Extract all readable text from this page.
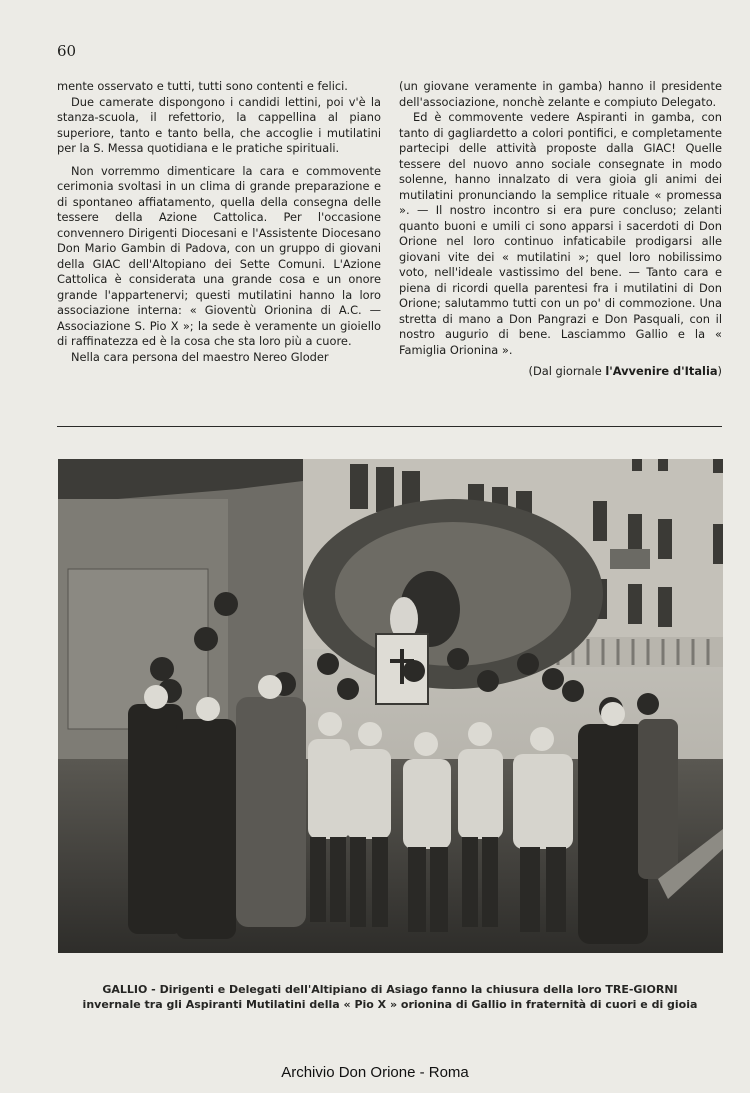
60

mente osservato e tutti, tutti sono contenti e felici.

Due camerate dispongono i candidi lettini, poi v'è la stanza-scuola, il refettorio, la cappellina al piano superiore, tanto e tanto bella, che accoglie i mutilatini per la S. Messa quotidiana e le pratiche spirituali.

Non vorremmo dimenticare la cara e commovente cerimonia svoltasi in un clima di grande preparazione e di spontaneo affiatamento, quella della consegna delle tessere della Azione Cattolica. Per l'occasione convennero Dirigenti Diocesani e l'Assistente Diocesano Don Mario Gambin di Padova, con un gruppo di giovani della GIAC dell'Altopiano dei Sette Comuni. L'Azione Cattolica è considerata una grande cosa e un onore grande l'appartenervi; questi mutilatini hanno la loro associazione interna: « Gioventù Orionina di A.C. — Associazione S. Pio X »; la sede è veramente un gioiello di raffinatezza ed è la cosa che sta loro più a cuore.

Nella cara persona del maestro Nereo Gloder

(un giovane veramente in gamba) hanno il presidente dell'associazione, nonchè zelante e compiuto Delegato.

Ed è commovente vedere Aspiranti in gamba, con tanto di gagliardetto a colori pontifici, e completamente partecipi delle attività proposte dalla GIAC! Quelle tessere del nuovo anno sociale consegnate in modo solenne, hanno innalzato di vera gioia gli animi dei mutilatini pronunciando la semplice rituale « promessa ». — Il nostro incontro si era pure concluso; zelanti quanto buoni e umili ci sono apparsi i sacerdoti di Don Orione nel loro continuo infaticabile prodigarsi alle giovani vite dei « mutilatini »; quel loro nobilissimo voto, nell'ideale vastissimo del bene. — Tanto cara e piena di ricordi quella parentesi fra i mutilatini di Don Orione; salutammo tutti con un po' di commozione. Una stretta di mano a Don Pangrazi e Don Pasquali, con il nostro augurio di bene. Lasciammo Gallio e la « Famiglia Orionina ».

(Dal giornale l'Avvenire d'Italia)

GALLIO - Dirigenti e Delegati dell'Altipiano di Asiago fanno la chiusura della loro TRE-GIORNI invernale tra gli Aspiranti Mutilatini della « Pio X » orionina di Gallio in fraternità di cuori e di gioia
Archivio Don Orione - Roma
